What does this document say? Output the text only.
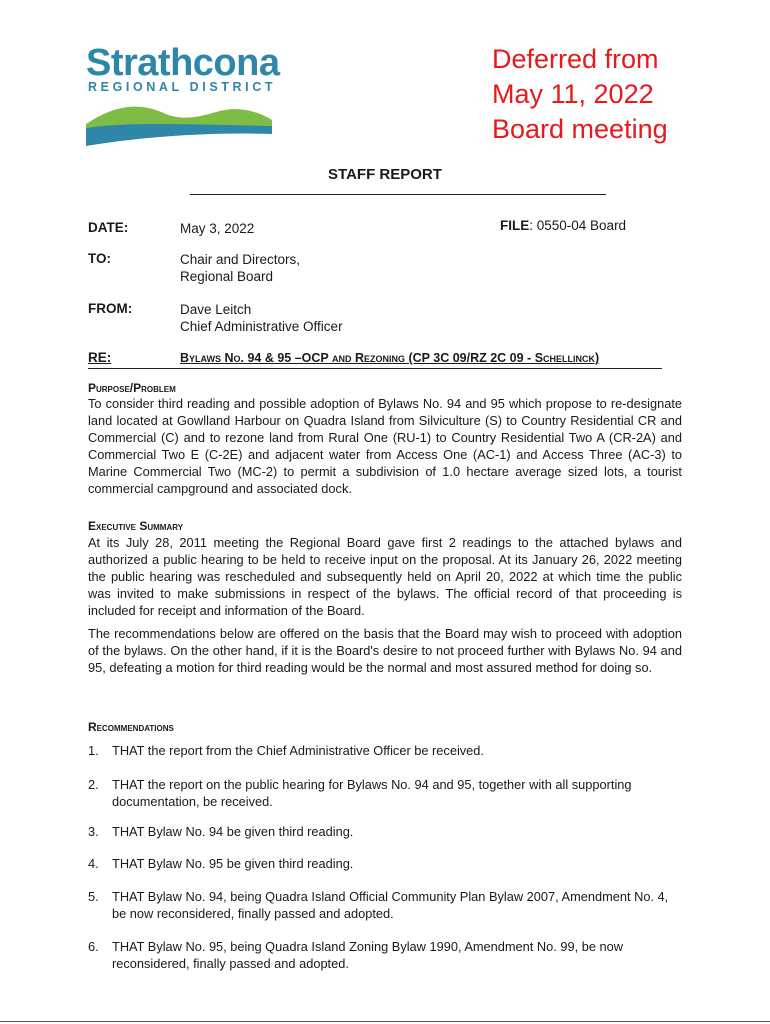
Strathcona
REGIONAL DISTRICT
Deferred from
May 11, 2022
Board meeting
STAFF REPORT
DATE:	May 3, 2022	FILE: 0550-04 Board
TO:	Chair and Directors,
Regional Board
FROM:	Dave Leitch
Chief Administrative Officer
RE:	Bylaws No. 94 & 95 –OCP and Rezoning (CP 3C 09/RZ 2C 09 - Schellinck)
Purpose/Problem
To consider third reading and possible adoption of Bylaws No. 94 and 95 which propose to re-designate land located at Gowlland Harbour on Quadra Island from Silviculture (S) to Country Residential CR and Commercial (C) and to rezone land from Rural One (RU-1) to Country Residential Two A (CR-2A) and Commercial Two E (C-2E) and adjacent water from Access One (AC-1) and Access Three (AC-3) to Marine Commercial Two (MC-2) to permit a subdivision of 1.0 hectare average sized lots, a tourist commercial campground and associated dock.
Executive Summary
At its July 28, 2011 meeting the Regional Board gave first 2 readings to the attached bylaws and authorized a public hearing to be held to receive input on the proposal. At its January 26, 2022 meeting the public hearing was rescheduled and subsequently held on April 20, 2022 at which time the public was invited to make submissions in respect of the bylaws. The official record of that proceeding is included for receipt and information of the Board.
The recommendations below are offered on the basis that the Board may wish to proceed with adoption of the bylaws. On the other hand, if it is the Board's desire to not proceed further with Bylaws No. 94 and 95, defeating a motion for third reading would be the normal and most assured method for doing so.
Recommendations
1. THAT the report from the Chief Administrative Officer be received.
2. THAT the report on the public hearing for Bylaws No. 94 and 95, together with all supporting documentation, be received.
3. THAT Bylaw No. 94 be given third reading.
4. THAT Bylaw No. 95 be given third reading.
5. THAT Bylaw No. 94, being Quadra Island Official Community Plan Bylaw 2007, Amendment No. 4, be now reconsidered, finally passed and adopted.
6. THAT Bylaw No. 95, being Quadra Island Zoning Bylaw 1990, Amendment No. 99, be now reconsidered, finally passed and adopted.
